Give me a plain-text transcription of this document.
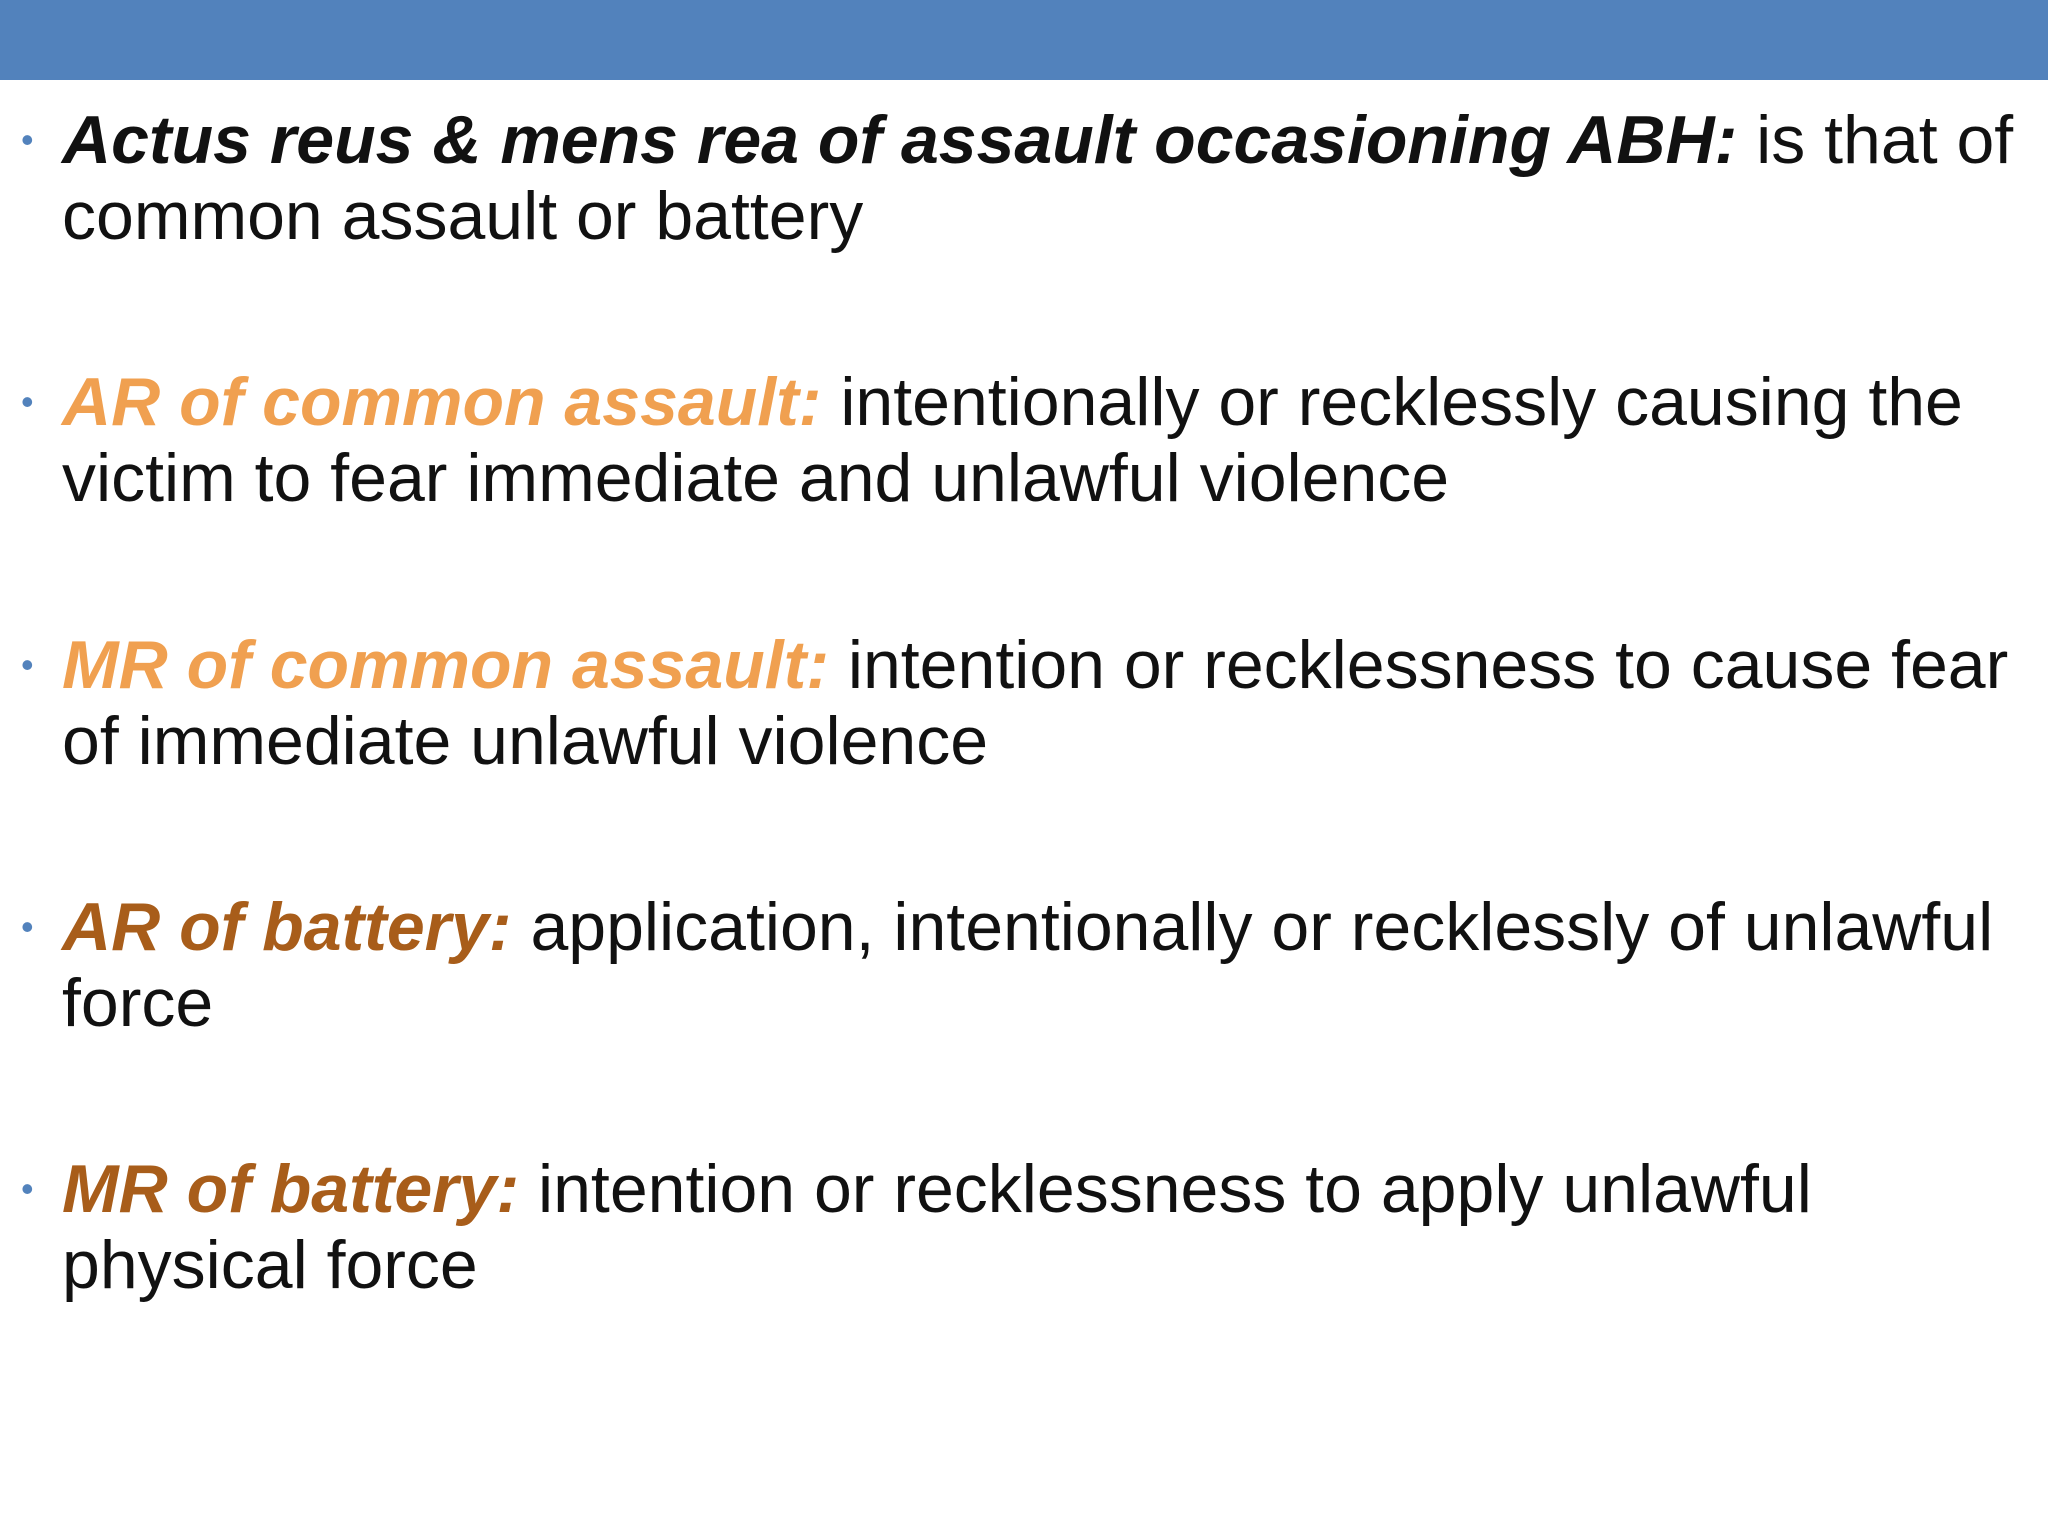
• Actus reus & mens rea of assault occasioning ABH: is that of common assault or battery
• AR of common assault: intentionally or recklessly causing the victim to fear immediate and unlawful violence
• MR of common assault: intention or recklessness to cause fear of immediate unlawful violence
• AR of battery: application, intentionally or recklessly of unlawful force
• MR of battery: intention or recklessness to apply unlawful physical force
